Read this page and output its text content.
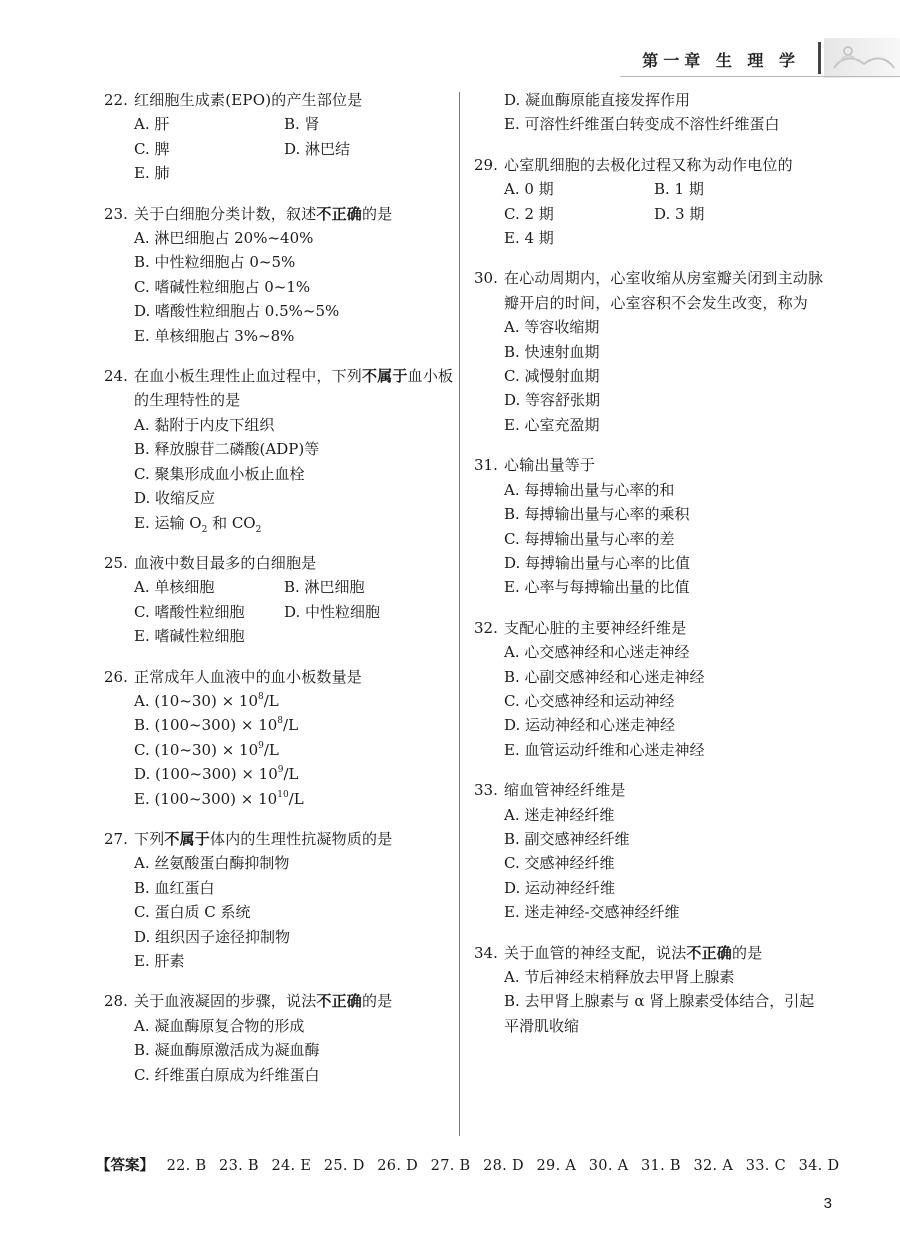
第一章 生 理 学
22. 红细胞生成素(EPO)的产生部位是
A. 肝	B. 肾
C. 脾	D. 淋巴结
E. 肺
23. 关于白细胞分类计数，叙述不正确的是
A. 淋巴细胞占 20%~40%
B. 中性粒细胞占 0~5%
C. 嗜碱性粒细胞占 0~1%
D. 嗜酸性粒细胞占 0.5%~5%
E. 单核细胞占 3%~8%
24. 在血小板生理性止血过程中，下列不属于血小板的生理特性的是
A. 黏附于内皮下组织
B. 释放腺苷二磷酸(ADP)等
C. 聚集形成血小板止血栓
D. 收缩反应
E. 运输 $O_2$ 和 $CO_2$
25. 血液中数目最多的白细胞是
A. 单核细胞	B. 淋巴细胞
C. 嗜酸性粒细胞	D. 中性粒细胞
E. 嗜碱性粒细胞
26. 正常成年人血液中的血小板数量是
A. (10~30) × $10^8/L$
B. (100~300) × $10^8/L$
C. (10~30) × $10^9/L$
D. (100~300) × $10^9/L$
E. (100~300) × $10^{10}/L$
27. 下列不属于体内的生理性抗凝物质的是
A. 丝氨酸蛋白酶抑制物
B. 血红蛋白
C. 蛋白质 C 系统
D. 组织因子途径抑制物
E. 肝素
28. 关于血液凝固的步骤，说法不正确的是
A. 凝血酶原复合物的形成
B. 凝血酶原激活成为凝血酶
C. 纤维蛋白原成为纤维蛋白
D. 凝血酶原能直接发挥作用
E. 可溶性纤维蛋白转变成不溶性纤维蛋白
29. 心室肌细胞的去极化过程又称为动作电位的
A. 0 期	B. 1 期
C. 2 期	D. 3 期
E. 4 期
30. 在心动周期内，心室收缩从房室瓣关闭到主动脉瓣开启的时间，心室容积不会发生改变，称为
A. 等容收缩期
B. 快速射血期
C. 减慢射血期
D. 等容舒张期
E. 心室充盈期
31. 心输出量等于
A. 每搏输出量与心率的和
B. 每搏输出量与心率的乘积
C. 每搏输出量与心率的差
D. 每搏输出量与心率的比值
E. 心率与每搏输出量的比值
32. 支配心脏的主要神经纤维是
A. 心交感神经和心迷走神经
B. 心副交感神经和心迷走神经
C. 心交感神经和运动神经
D. 运动神经和心迷走神经
E. 血管运动纤维和心迷走神经
33. 缩血管神经纤维是
A. 迷走神经纤维
B. 副交感神经纤维
C. 交感神经纤维
D. 运动神经纤维
E. 迷走神经-交感神经纤维
34. 关于血管的神经支配，说法不正确的是
A. 节后神经末梢释放去甲肾上腺素
B. 去甲肾上腺素与 α 肾上腺素受体结合，引起平滑肌收缩
【答案】 22. B 23. B 24. E 25. D 26. D 27. B 28. D 29. A 30. A 31. B 32. A 33. C 34. D
3
